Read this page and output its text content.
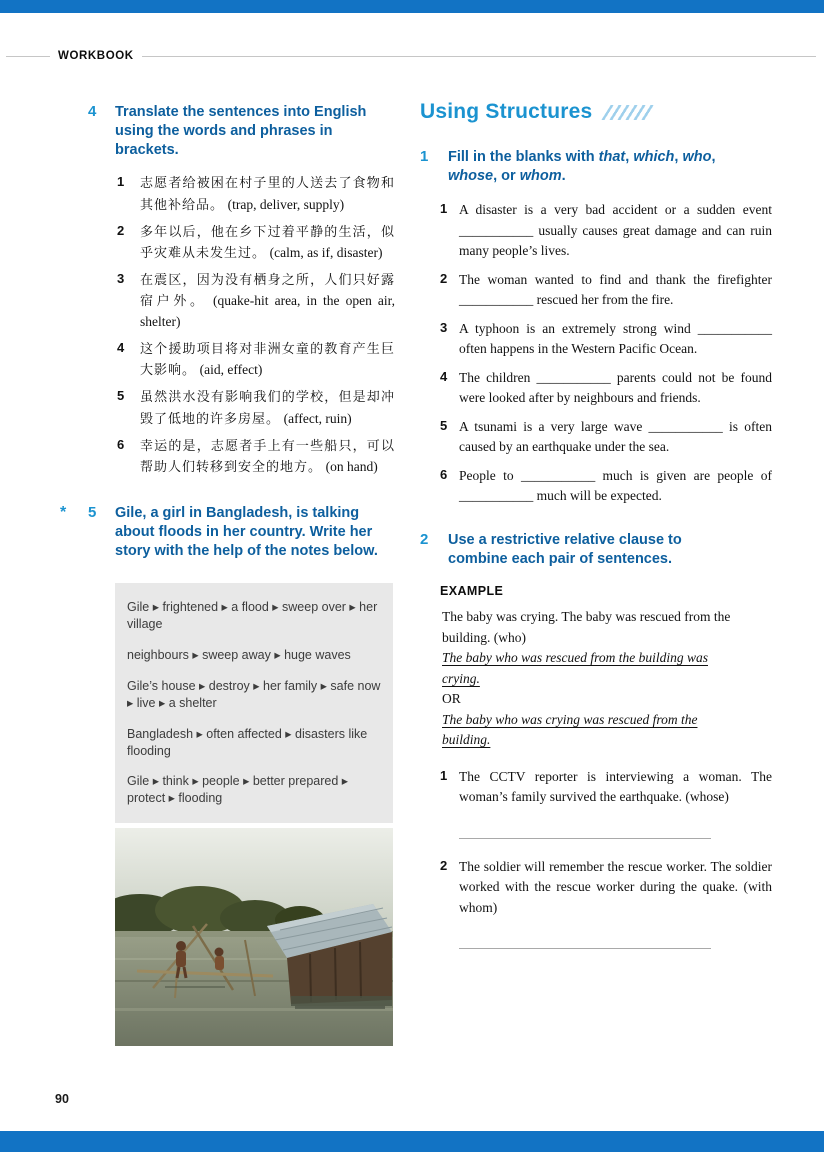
WORKBOOK
4	Translate the sentences into English using the words and phrases in brackets.
1	志愿者给被困在村子里的人送去了食物和其他补给品。 (trap, deliver, supply)
2	多年以后，他在乡下过着平静的生活，似乎灾难从未发生过。 (calm, as if, disaster)
3	在震区，因为没有栖身之所，人们只好露宿户外。 (quake-hit area, in the open air, shelter)
4	这个援助项目将对非洲女童的教育产生巨大影响。 (aid, effect)
5	虽然洪水没有影响我们的学校，但是却冲毁了低地的许多房屋。 (affect, ruin)
6	幸运的是，志愿者手上有一些船只，可以帮助人们转移到安全的地方。 (on hand)
* 5	Gile, a girl in Bangladesh, is talking about floods in her country. Write her story with the help of the notes below.
Gile ▸ frightened ▸ a flood ▸ sweep over ▸ her village
neighbours ▸ sweep away ▸ huge waves
Gile’s house ▸ destroy ▸ her family ▸ safe now ▸ live ▸ a shelter
Bangladesh ▸ often affected ▸ disasters like flooding
Gile ▸ think ▸ people ▸ better prepared ▸ protect ▸ flooding
Using Structures
1	Fill in the blanks with that, which, who, whose, or whom.
1 A disaster is a very bad accident or a sudden event ___________ usually causes great damage and can ruin many people’s lives.
2 The woman wanted to find and thank the firefighter ___________ rescued her from the fire.
3 A typhoon is an extremely strong wind ___________ often happens in the Western Pacific Ocean.
4 The children ___________ parents could not be found were looked after by neighbours and friends.
5 A tsunami is a very large wave ___________ is often caused by an earthquake under the sea.
6 People to ___________ much is given are people of ___________ much will be expected.
2	Use a restrictive relative clause to combine each pair of sentences.
EXAMPLE
The baby was crying. The baby was rescued from the building. (who)
The baby who was rescued from the building was crying.
OR
The baby who was crying was rescued from the building.
1 The CCTV reporter is interviewing a woman. The woman’s family survived the earthquake. (whose)
2 The soldier will remember the rescue worker. The soldier worked with the rescue worker during the quake. (with whom)
90
